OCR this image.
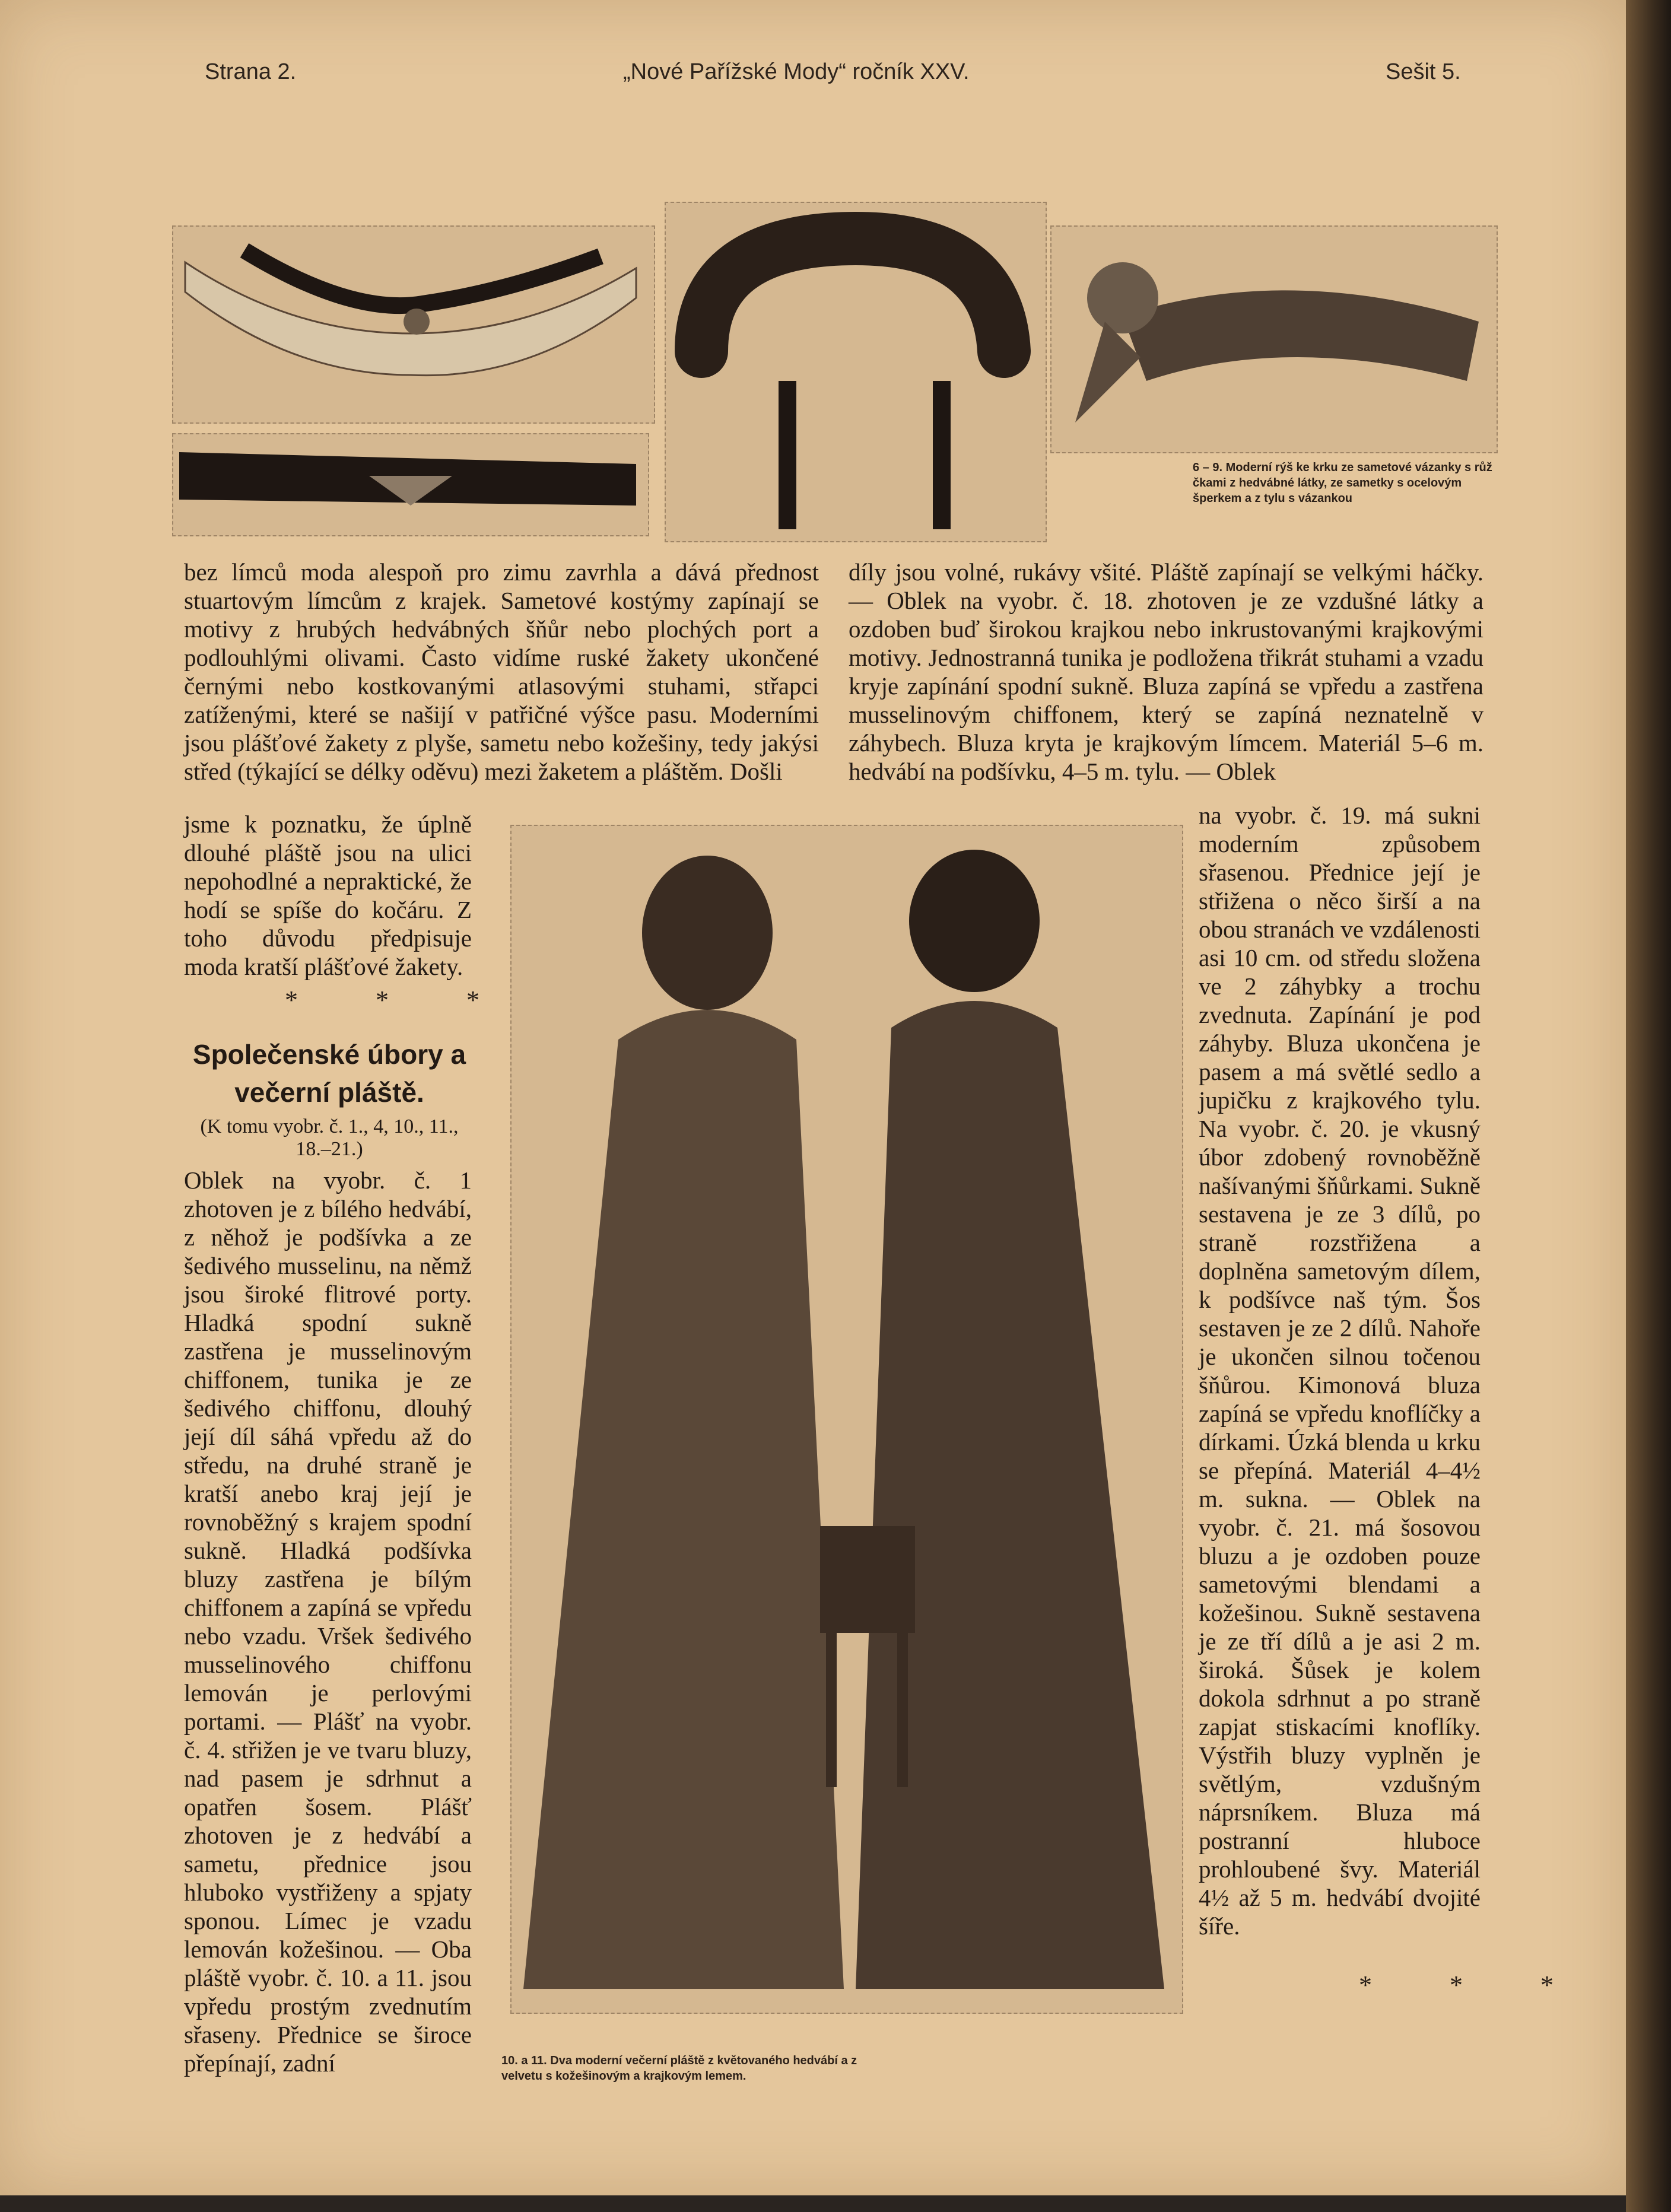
Strana 2.	„Nové Pařížské Mody“ ročník XXV.	Sešit 5.
6 – 9. Moderní rýš ke krku ze sametové vázanky s růž čkami z hedvábné látky, ze sametky s ocelovým šperkem a z tylu s vázankou
10. a 11. Dva moderní večerní pláště z květovaného hedvábí a z velvetu s kožešinovým a krajkovým lemem.

bez límců moda alespoň pro zimu zavrhla a dává přednost stuartovým límcům z krajek. Sametové kostýmy zapínají se motivy z hrubých hedvábných šňůr nebo plochých port a podlouhlými olivami. Často vidíme ruské žakety ukončené černými nebo kostkovanými atlasovými stuhami, střapci zatíženými, které se našijí v patřičné výšce pasu. Moderními jsou plášťové žakety z plyše, sametu nebo kožešiny, tedy jakýsi střed (týkající se délky oděvu) mezi žaketem a pláštěm. Došli

jsme k poznatku, že úplně dlouhé pláště jsou na ulici nepohodlné a nepraktické, že hodí se spíše do kočáru. Z toho důvodu předpisuje moda kratší plášťové žakety.

* * *
Společenské úbory a
večerní pláště.
(K tomu vyobr. č. 1., 4, 10., 11., 18.–21.)

Oblek na vyobr. č. 1 zhotoven je z bílého hedvábí, z něhož je podšívka a ze šedivého musselinu, na němž jsou široké flitrové porty. Hladká spodní sukně zastřena je musselinovým chiffonem, tunika je ze šedivého chiffonu, dlouhý její díl sáhá vpředu až do středu, na druhé straně je kratší anebo kraj její je rovnoběžný s krajem spodní sukně. Hladká podšívka bluzy zastřena je bílým chiffonem a zapíná se vpředu nebo vzadu. Vršek šedivého musselinového chiffonu lemován je perlovými portami. — Plášť na vyobr. č. 4. střižen je ve tvaru bluzy, nad pasem je sdrhnut a opatřen šosem. Plášť zhotoven je z hedvábí a sametu, přednice jsou hluboko vystřiženy a spjaty sponou. Límec je vzadu lemován kožešinou. — Oba pláště vyobr. č. 10. a 11. jsou vpředu prostým zvednutím sřaseny. Přednice se široce přepínají, zadní

díly jsou volné, rukávy všité. Pláště zapínají se velkými háčky. — Oblek na vyobr. č. 18. zhotoven je ze vzdušné látky a ozdoben buď širokou krajkou nebo inkrustovanými krajkovými motivy. Jednostranná tunika je podložena třikrát stuhami a vzadu kryje zapínání spodní sukně. Bluza zapíná se vpředu a zastřena musselinovým chiffonem, který se zapíná neznatelně v záhybech. Bluza kryta je krajkovým límcem. Materiál 5–6 m. hedvábí na podšívku, 4–5 m. tylu. — Oblek

na vyobr. č. 19. má sukni moderním způsobem sřasenou. Přednice její je střižena o něco širší a na obou stranách ve vzdálenosti asi 10 cm. od středu složena ve 2 záhybky a trochu zvednuta. Zapínání je pod záhyby. Bluza ukončena je pasem a má světlé sedlo a jupičku z krajkového tylu. Na vyobr. č. 20. je vkusný úbor zdobený rovnoběžně našívanými šňůrkami. Sukně sestavena je ze 3 dílů, po straně rozstřižena a doplněna sametovým dílem, k podšívce naš tým. Šos sestaven je ze 2 dílů. Nahoře je ukončen silnou točenou šňůrou. Kimonová bluza zapíná se vpředu knoflíčky a dírkami. Úzká blenda u krku se přepíná. Materiál 4–4½ m. sukna. — Oblek na vyobr. č. 21. má šosovou bluzu a je ozdoben pouze sametovými blendami a kožešinou. Sukně sestavena je ze tří dílů a je asi 2 m. široká. Šůsek je kolem dokola sdrhnut a po straně zapjat stiskacími knoflíky. Výstřih bluzy vyplněn je světlým, vzdušným náprsníkem. Bluza má postranní hluboce prohloubené švy. Materiál 4½ až 5 m. hedvábí dvojité šíře.

* * *
